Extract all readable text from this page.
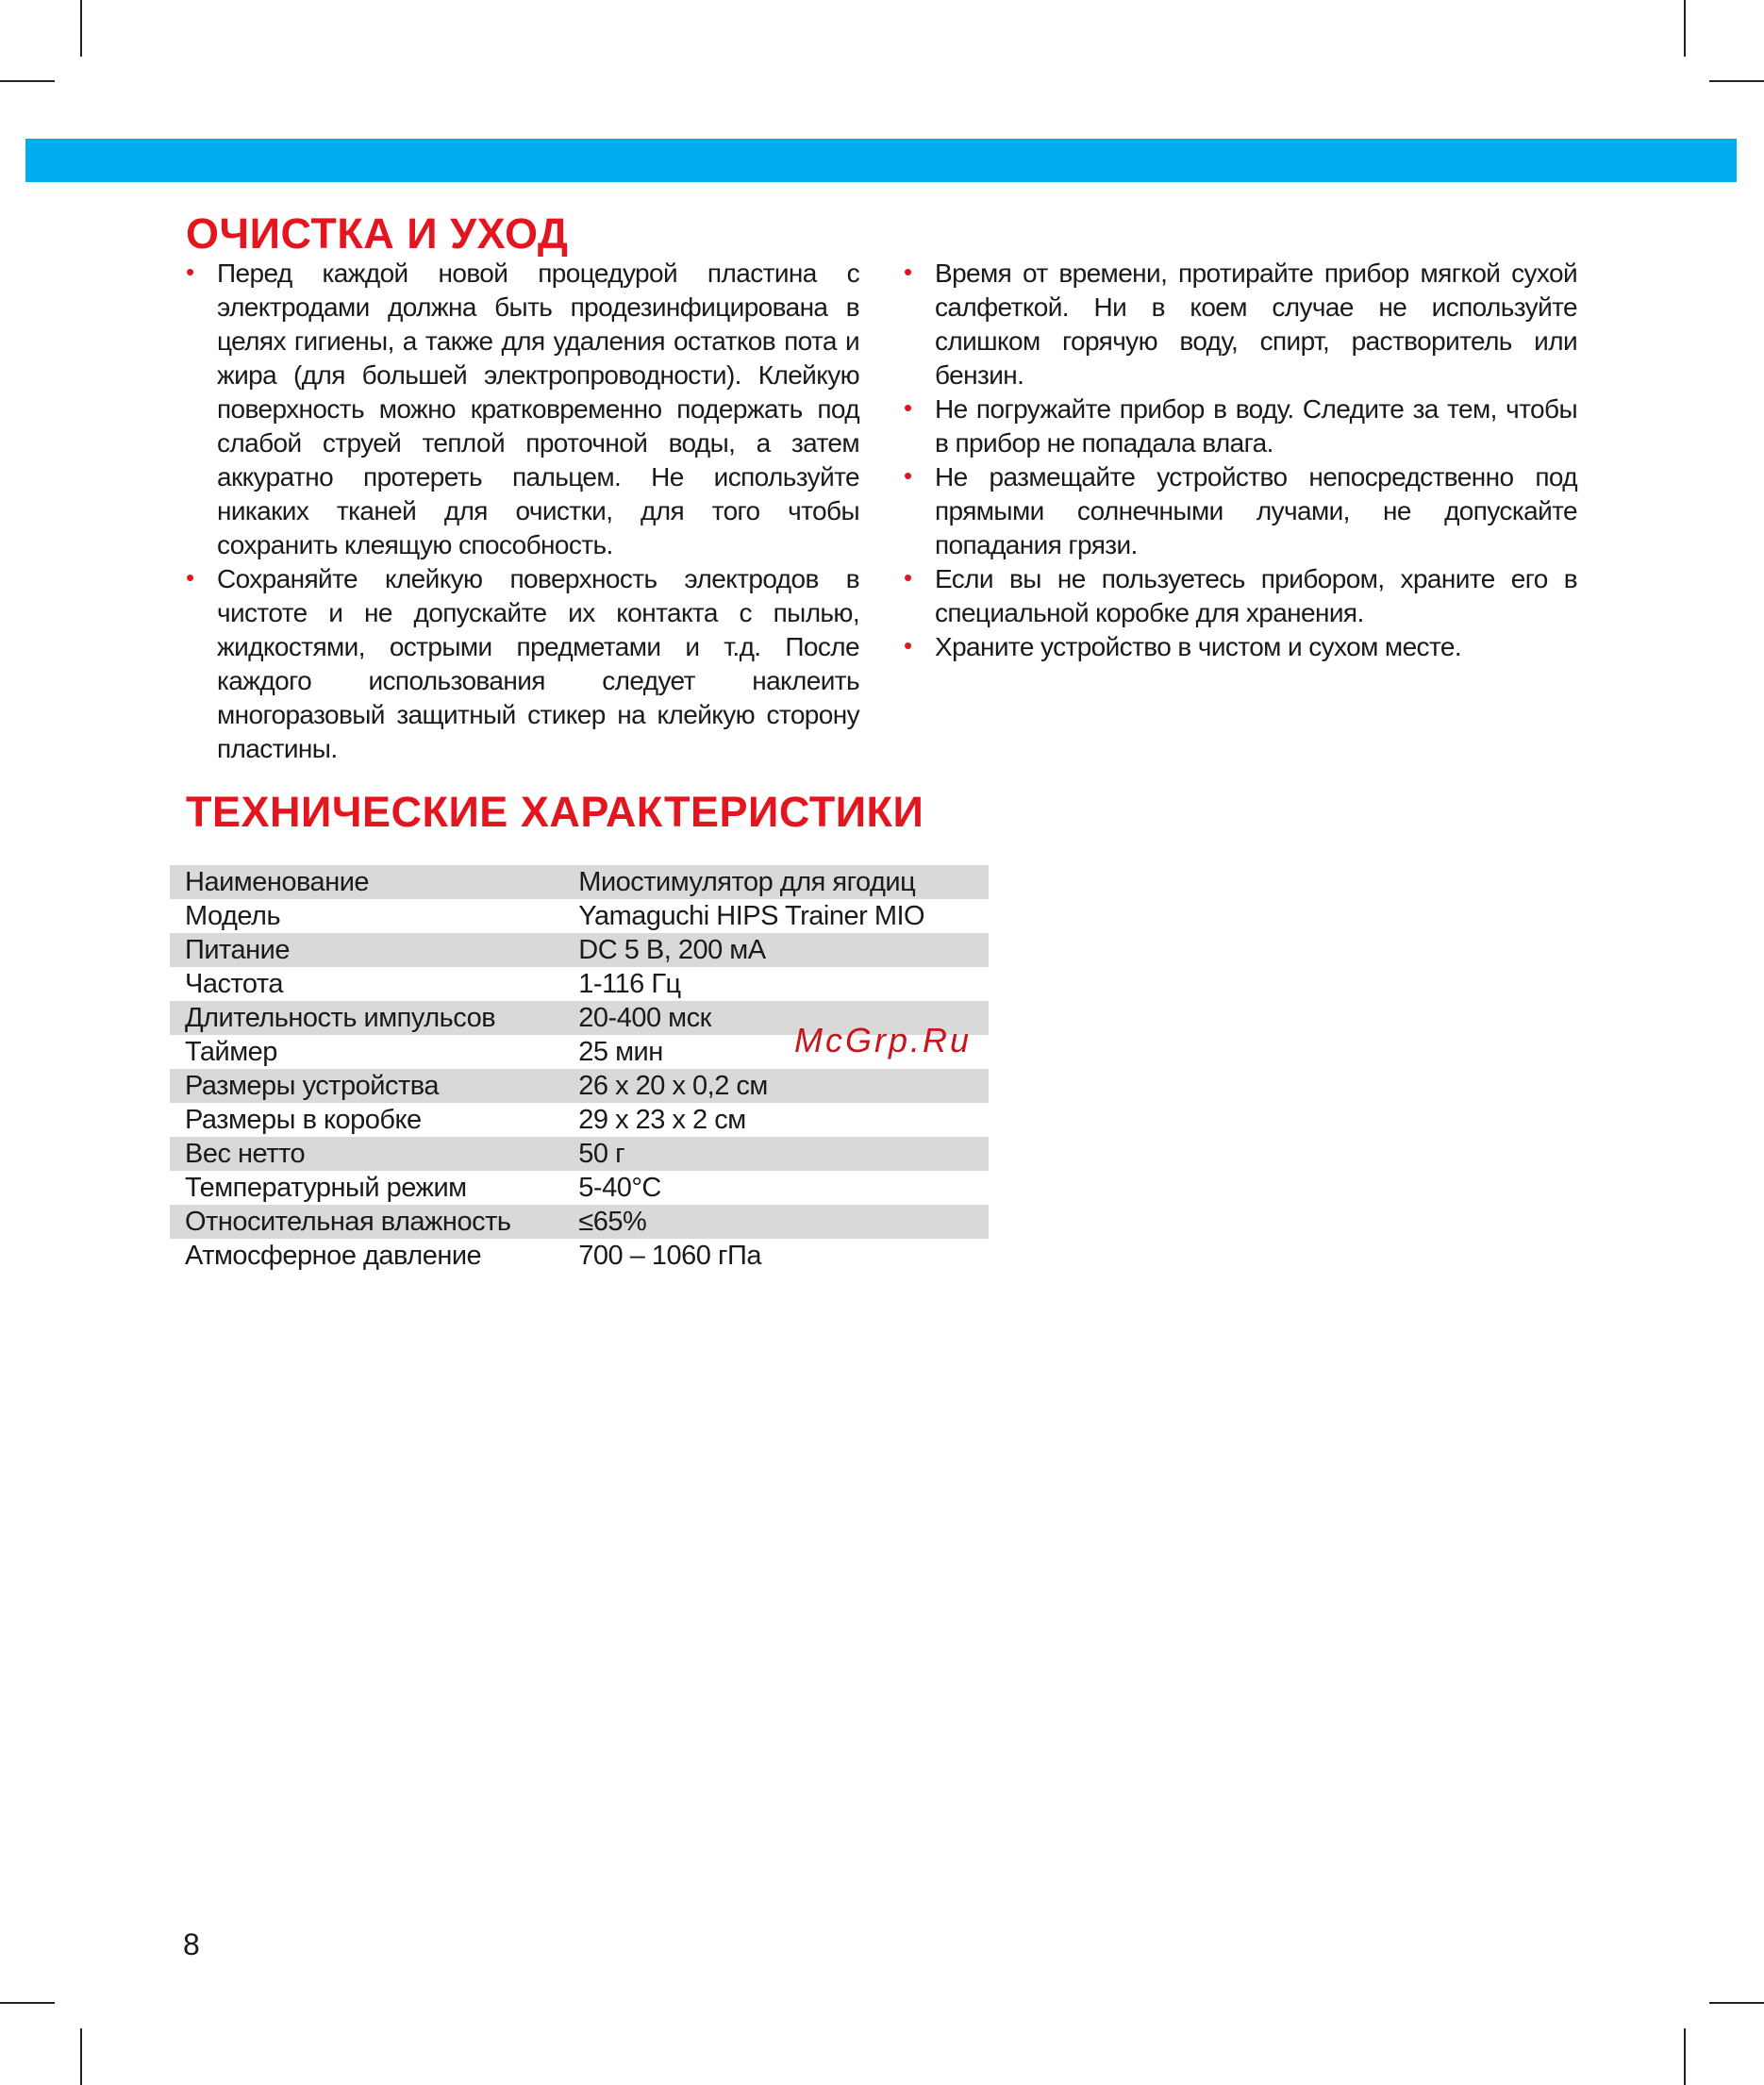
ОЧИСТКА И УХОД
• Перед каждой новой процедурой пластина с электродами должна быть продезинфицирована в целях гигиены, а также для удаления остатков пота и жира (для большей электропроводности). Клейкую поверхность можно кратковременно подержать под слабой струей теплой проточной воды, а затем аккуратно протереть пальцем. Не используйте никаких тканей для очистки, для того чтобы сохранить клеящую способность.
• Сохраняйте клейкую поверхность электродов в чистоте и не допускайте их контакта с пылью, жидкостями, острыми предметами и т.д. После каждого использования следует наклеить многоразовый защитный стикер на клейкую сторону пластины.
• Время от времени, протирайте прибор мягкой сухой салфеткой. Ни в коем случае не используйте слишком горячую воду, спирт, растворитель или бензин.
• Не погружайте прибор в воду. Следите за тем, чтобы в прибор не попадала влага.
• Не размещайте устройство непосредственно под прямыми солнечными лучами, не допускайте попадания грязи.
• Если вы не пользуетесь прибором, храните его в специальной коробке для хранения.
• Храните устройство в чистом и сухом месте.
ТЕХНИЧЕСКИЕ ХАРАКТЕРИСТИКИ
Наименование	Миостимулятор для ягодиц
Модель	Yamaguchi HIPS Trainer MIO
Питание	DC 5 В, 200 мА
Частота	1-116 Гц
Длительность импульсов	20-400 мск
Таймер	25 мин
Размеры устройства	26 х 20 х 0,2 см
Размеры в коробке	29 х 23 х 2 см
Вес нетто	50 г
Температурный режим	5-40°С
Относительная влажность	≤65%
Атмосферное давление	700 – 1060 гПа
McGrp.Ru
8
